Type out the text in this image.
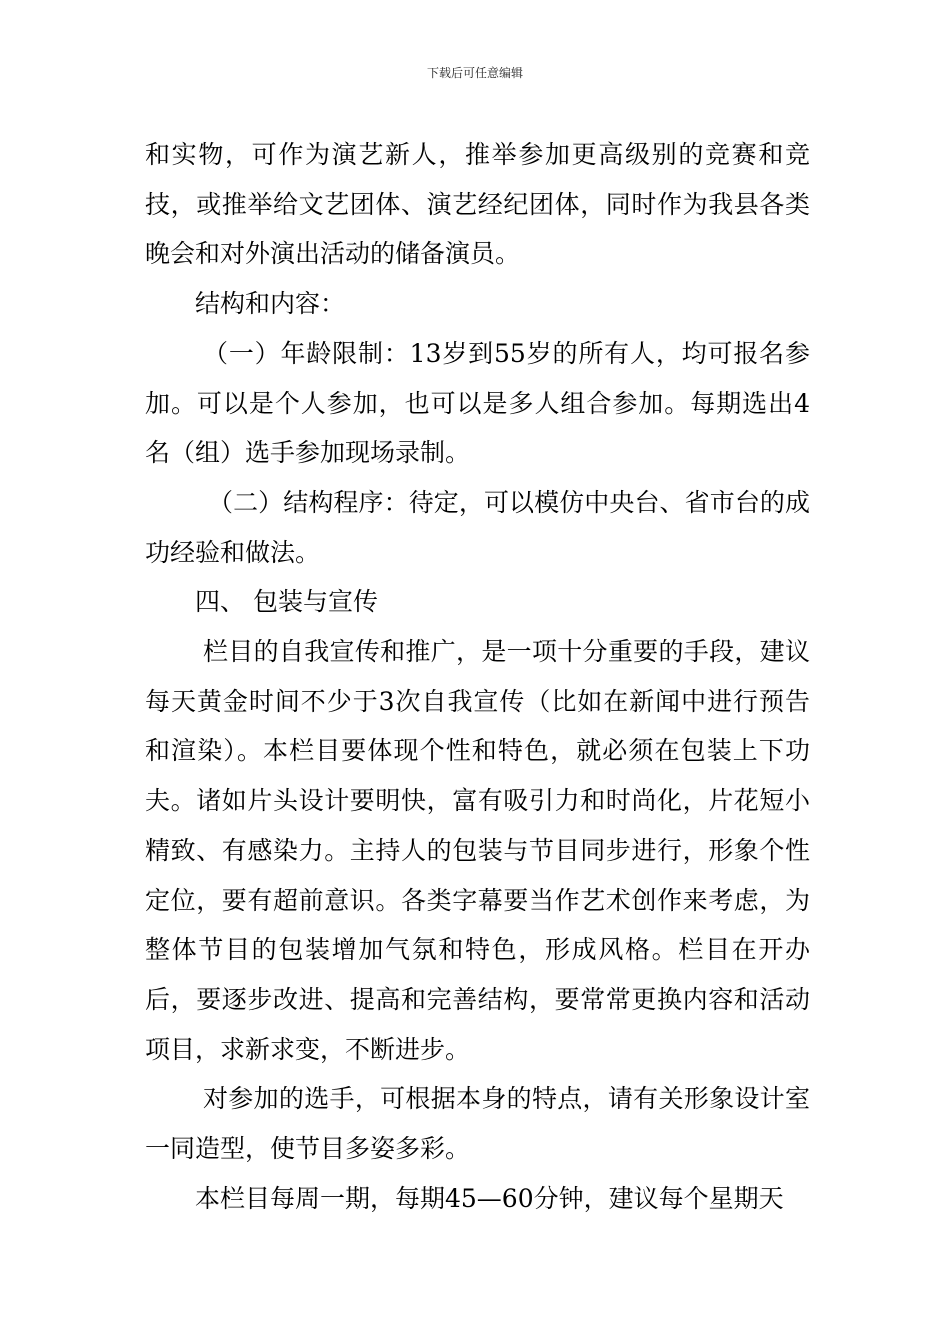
下载后可任意编辑

和实物，可作为演艺新人，推举参加更高级别的竞赛和竞技，或推举给文艺团体、演艺经纪团体，同时作为我县各类晚会和对外演出活动的储备演员。

结构和内容：

（一）年龄限制：13岁到55岁的所有人，均可报名参加。可以是个人参加，也可以是多人组合参加。每期选出4名（组）选手参加现场录制。

（二）结构程序：待定，可以模仿中央台、省市台的成功经验和做法。

四、 包装与宣传

栏目的自我宣传和推广，是一项十分重要的手段，建议每天黄金时间不少于3次自我宣传（比如在新闻中进行预告和渲染）。本栏目要体现个性和特色，就必须在包装上下功夫。诸如片头设计要明快，富有吸引力和时尚化，片花短小精致、有感染力。主持人的包装与节目同步进行，形象个性定位，要有超前意识。各类字幕要当作艺术创作来考虑，为整体节目的包装增加气氛和特色，形成风格。栏目在开办后，要逐步改进、提高和完善结构，要常常更换内容和活动项目，求新求变，不断进步。

对参加的选手，可根据本身的特点，请有关形象设计室一同造型，使节目多姿多彩。

本栏目每周一期，每期45—60分钟，建议每个星期天
